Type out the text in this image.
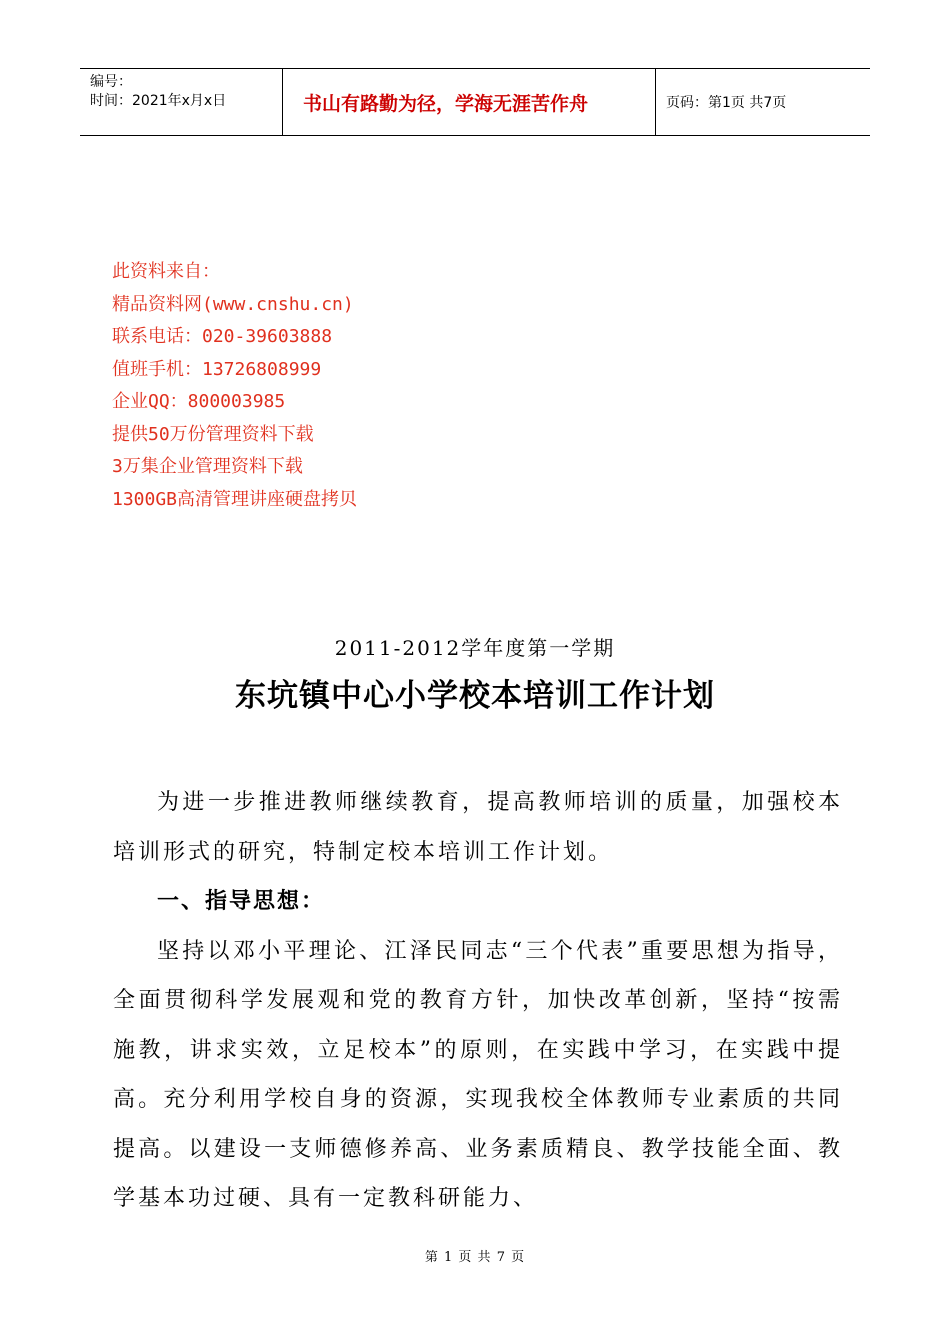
编号：
时间：2021年x月x日	书山有路勤为径，学海无涯苦作舟	页码：第1页 共7页
此资料来自：
精品资料网(www.cnshu.cn)
联系电话：020-39603888
值班手机：13726808999
企业QQ：800003985
提供50万份管理资料下载
3万集企业管理资料下载
1300GB高清管理讲座硬盘拷贝
2011-2012学年度第一学期
东坑镇中心小学校本培训工作计划

为进一步推进教师继续教育，提高教师培训的质量，加强校本培训形式的研究，特制定校本培训工作计划。

一、指导思想：

坚持以邓小平理论、江泽民同志“三个代表”重要思想为指导，全面贯彻科学发展观和党的教育方针，加快改革创新，坚持“按需施教，讲求实效，立足校本”的原则，在实践中学习，在实践中提高。充分利用学校自身的资源，实现我校全体教师专业素质的共同提高。以建设一支师德修养高、业务素质精良、教学技能全面、教学基本功过硬、具有一定教科研能力、

第 1 页 共 7 页
